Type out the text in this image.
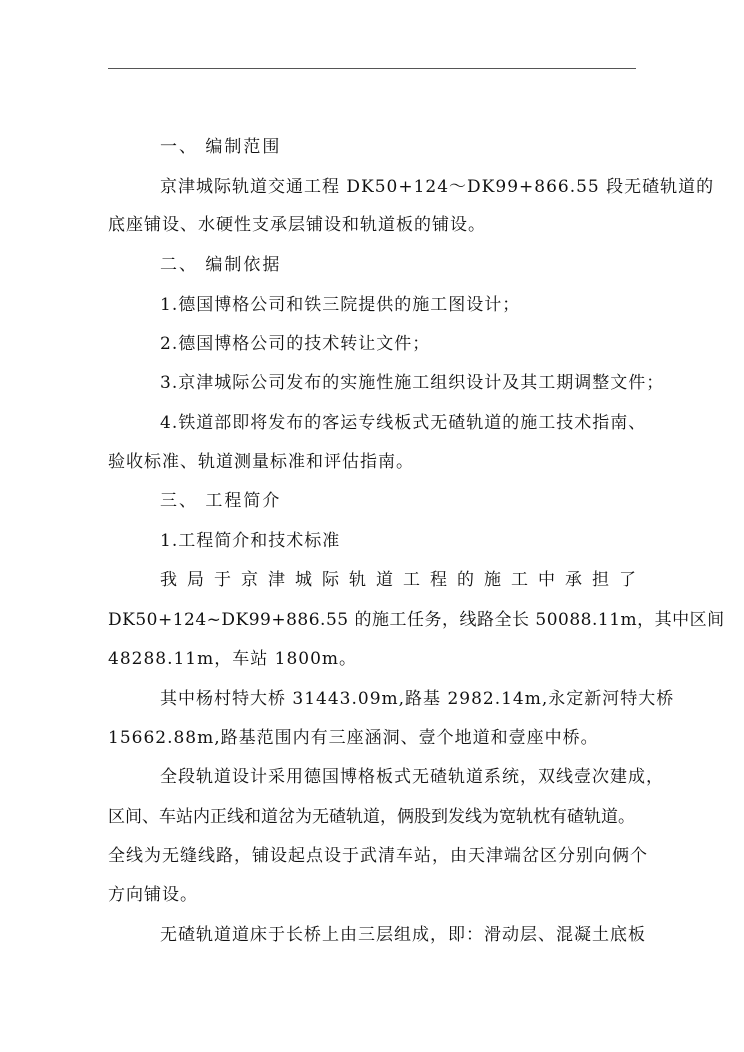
一、 编制范围
京津城际轨道交通工程 DK50+124～DK99+866.55 段无碴轨道的
底座铺设、水硬性支承层铺设和轨道板的铺设。
二、 编制依据
1.德国博格公司和铁三院提供的施工图设计；
2.德国博格公司的技术转让文件；
3.京津城际公司发布的实施性施工组织设计及其工期调整文件；
4.铁道部即将发布的客运专线板式无碴轨道的施工技术指南、
验收标准、轨道测量标准和评估指南。
三、 工程简介
1.工程简介和技术标准
我 局 于 京 津 城 际 轨 道 工 程 的 施 工 中 承 担 了
DK50+124~DK99+886.55 的施工任务，线路全长 50088.11m，其中区间
48288.11m，车站 1800m。
其中杨村特大桥 31443.09m,路基 2982.14m,永定新河特大桥
15662.88m,路基范围内有三座涵洞、壹个地道和壹座中桥。
全段轨道设计采用德国博格板式无碴轨道系统，双线壹次建成，
区间、车站内正线和道岔为无碴轨道，俩股到发线为宽轨枕有碴轨道。
全线为无缝线路，铺设起点设于武清车站，由天津端岔区分别向俩个
方向铺设。
无碴轨道道床于长桥上由三层组成，即：滑动层、混凝土底板
